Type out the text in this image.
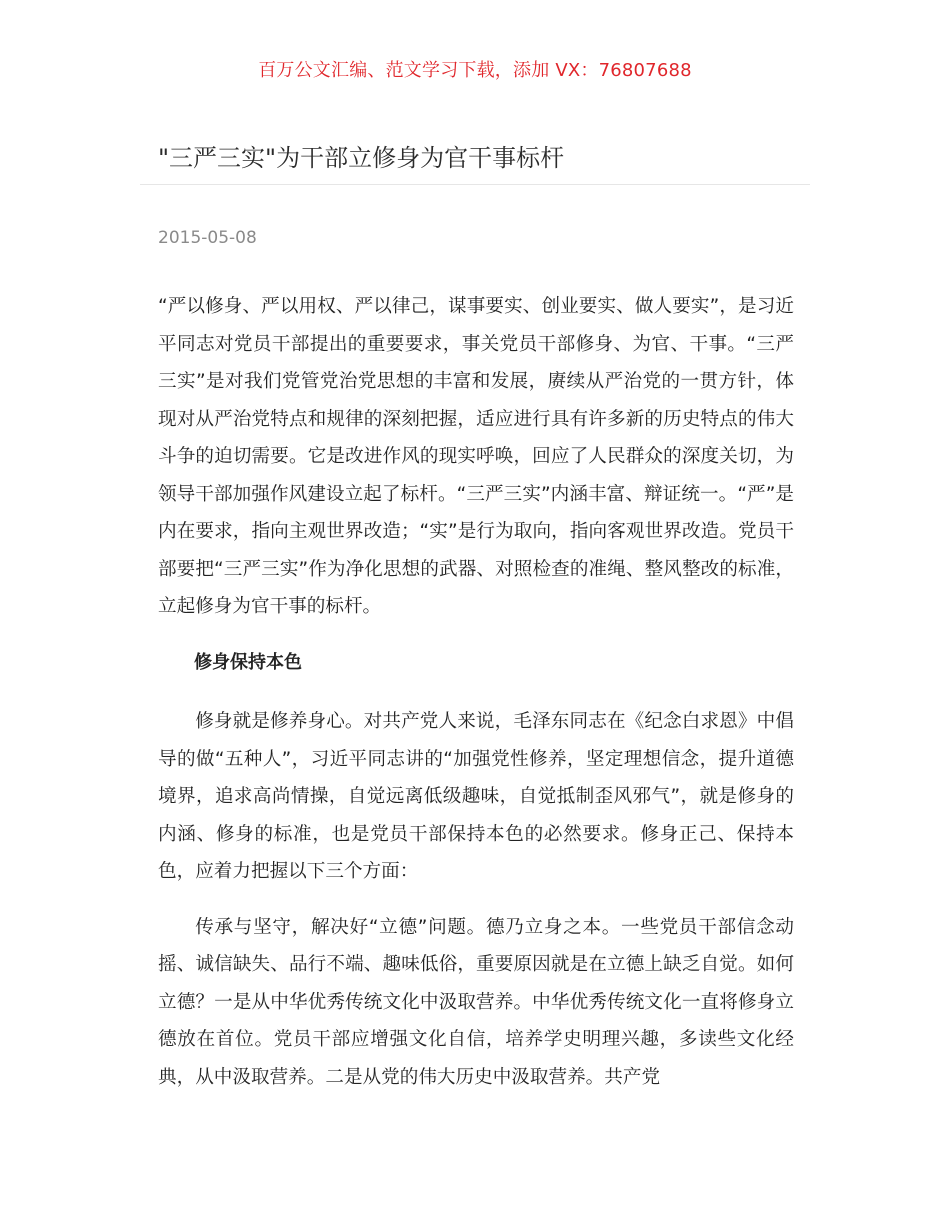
百万公文汇编、范文学习下载，添加 VX：76807688
"三严三实"为干部立修身为官干事标杆
2015-05-08

“严以修身、严以用权、严以律己，谋事要实、创业要实、做人要实”，是习近平同志对党员干部提出的重要要求，事关党员干部修身、为官、干事。“三严三实”是对我们党管党治党思想的丰富和发展，赓续从严治党的一贯方针，体现对从严治党特点和规律的深刻把握，适应进行具有许多新的历史特点的伟大斗争的迫切需要。它是改进作风的现实呼唤，回应了人民群众的深度关切，为领导干部加强作风建设立起了标杆。“三严三实”内涵丰富、辩证统一。“严”是内在要求，指向主观世界改造；“实”是行为取向，指向客观世界改造。党员干部要把“三严三实”作为净化思想的武器、对照检查的准绳、整风整改的标准，立起修身为官干事的标杆。

修身保持本色

修身就是修养身心。对共产党人来说，毛泽东同志在《纪念白求恩》中倡导的做“五种人”，习近平同志讲的“加强党性修养，坚定理想信念，提升道德境界，追求高尚情操，自觉远离低级趣味，自觉抵制歪风邪气”，就是修身的内涵、修身的标准，也是党员干部保持本色的必然要求。修身正己、保持本色，应着力把握以下三个方面：

传承与坚守，解决好“立德”问题。德乃立身之本。一些党员干部信念动摇、诚信缺失、品行不端、趣味低俗，重要原因就是在立德上缺乏自觉。如何立德？一是从中华优秀传统文化中汲取营养。中华优秀传统文化一直将修身立德放在首位。党员干部应增强文化自信，培养学史明理兴趣，多读些文化经典，从中汲取营养。二是从党的伟大历史中汲取营养。共产党
